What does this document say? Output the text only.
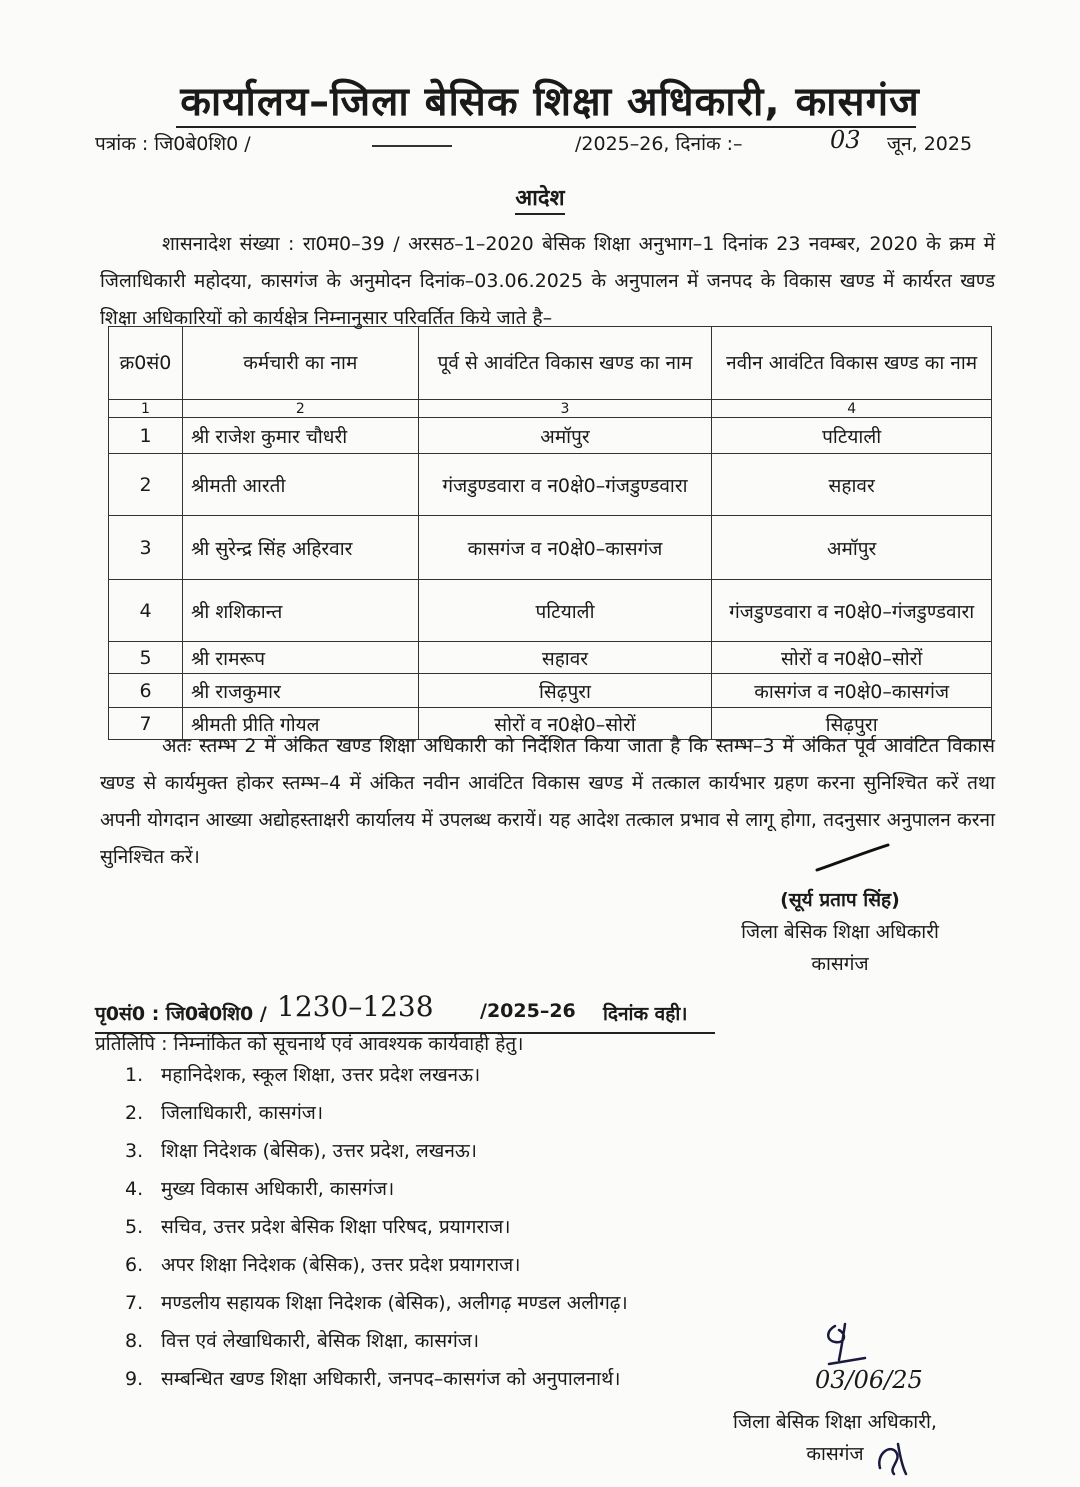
कार्यालय–जिला बेसिक शिक्षा अधिकारी, कासगंज
पत्रांक : जि0बे0शि0 /	/2025–26, दिनांक :–	03 जून, 2025
आदेश
शासनादेश संख्या : रा0म0–39 / अरसठ–1–2020 बेसिक शिक्षा अनुभाग–1 दिनांक 23 नवम्बर, 2020 के क्रम में जिलाधिकारी महोदया, कासगंज के अनुमोदन दिनांक–03.06.2025 के अनुपालन में जनपद के विकास खण्ड में कार्यरत खण्ड शिक्षा अधिकारियों को कार्यक्षेत्र निम्नानुसार परिवर्तित किये जाते है–
क्र0सं0	कर्मचारी का नाम	पूर्व से आवंटित विकास खण्ड का नाम	नवीन आवंटित विकास खण्ड का नाम
1	2	3	4
1	श्री राजेश कुमार चौधरी	अमॉपुर	पटियाली
2	श्रीमती आरती	गंजडुण्डवारा व न0क्षे0–गंजडुण्डवारा	सहावर
3	श्री सुरेन्द्र सिंह अहिरवार	कासगंज व न0क्षे0–कासगंज	अमॉपुर
4	श्री शशिकान्त	पटियाली	गंजडुण्डवारा व न0क्षे0–गंजडुण्डवारा
5	श्री रामरूप	सहावर	सोरों व न0क्षे0–सोरों
6	श्री राजकुमार	सिढ़पुरा	कासगंज व न0क्षे0–कासगंज
7	श्रीमती प्रीति गोयल	सोरों व न0क्षे0–सोरों	सिढ़पुरा
अतः स्तम्भ 2 में अंकित खण्ड शिक्षा अधिकारी को निर्देशित किया जाता है कि स्तम्भ–3 में अंकित पूर्व आवंटित विकास खण्ड से कार्यमुक्त होकर स्तम्भ–4 में अंकित नवीन आवंटित विकास खण्ड में तत्काल कार्यभार ग्रहण करना सुनिश्चित करें तथा अपनी योगदान आख्या अद्योहस्ताक्षरी कार्यालय में उपलब्ध करायें। यह आदेश तत्काल प्रभाव से लागू होगा, तदनुसार अनुपालन करना सुनिश्चित करें।
(सूर्य प्रताप सिंह)
जिला बेसिक शिक्षा अधिकारी
कासगंज
पृ0सं0 : जि0बे0शि0 / 1230–1238 /2025–26 दिनांक वही।
प्रतिलिपि : निम्नांकित को सूचनार्थ एवं आवश्यक कार्यवाही हेतु।
1. महानिदेशक, स्कूल शिक्षा, उत्तर प्रदेश लखनऊ।
2. जिलाधिकारी, कासगंज।
3. शिक्षा निदेशक (बेसिक), उत्तर प्रदेश, लखनऊ।
4. मुख्य विकास अधिकारी, कासगंज।
5. सचिव, उत्तर प्रदेश बेसिक शिक्षा परिषद, प्रयागराज।
6. अपर शिक्षा निदेशक (बेसिक), उत्तर प्रदेश प्रयागराज।
7. मण्डलीय सहायक शिक्षा निदेशक (बेसिक), अलीगढ़ मण्डल अलीगढ़।
8. वित्त एवं लेखाधिकारी, बेसिक शिक्षा, कासगंज।
9. सम्बन्धित खण्ड शिक्षा अधिकारी, जनपद–कासगंज को अनुपालनार्थ।	03/06/25
जिला बेसिक शिक्षा अधिकारी,
कासगंज
